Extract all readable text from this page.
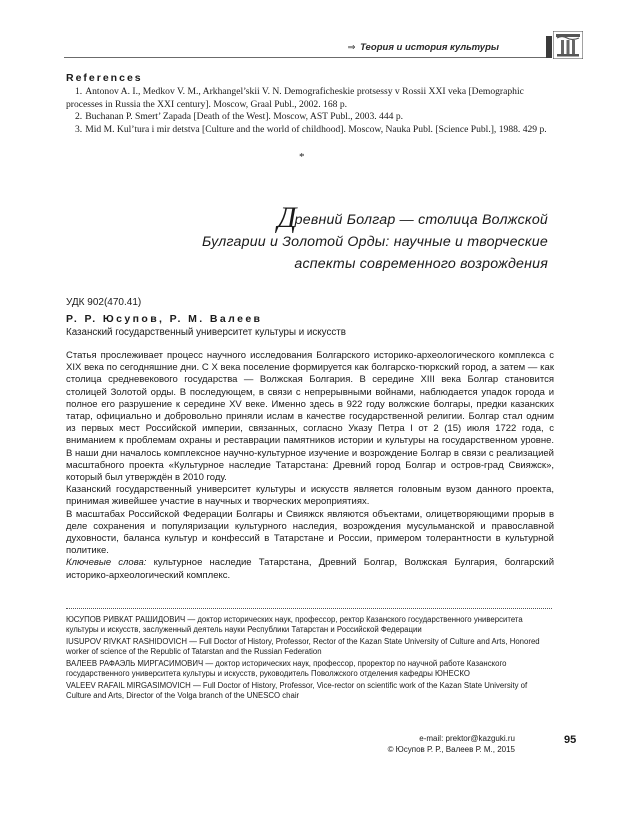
⇒ Теория и история культуры
References
1. Antonov A. I., Medkov V. M., Arkhangel’skii V. N. Demograficheskie protsessy v Rossii XXI veka [Demographic processes in Russia the XXI century]. Moscow, Graal Publ., 2002. 168 p.
2. Buchanan P. Smert’ Zapada [Death of the West]. Moscow, AST Publ., 2003. 444 p.
3. Mid M. Kul’tura i mir detstva [Culture and the world of childhood]. Moscow, Nauka Publ. [Science Publ.], 1988. 429 p.
*
Древний Болгар — столица Волжской
Булгарии и Золотой Орды: научные и творческие
аспекты современного возрождения
УДК 902(470.41)
Р. Р. Юсупов, Р. М. Валеев
Казанский государственный университет культуры и искусств

Статья прослеживает процесс научного исследования Болгарского историко-археологического комплекса с XIX века по сегодняшние дни. С X века поселение формируется как болгарско-тюркский город, а затем — как столица средневекового государства — Волжская Болгария. В середине XIII века Болгар становится столицей Золотой орды. В последующем, в связи с непрерывными войнами, наблюдается упадок города и полное его разрушение к середине XV веке. Именно здесь в 922 году волжские болгары, предки казанских татар, официально и добровольно приняли ислам в качестве государственной религии. Болгар стал одним из первых мест Российской империи, связанных, согласно Указу Петра I от 2 (15) июля 1722 года, с вниманием к проблемам охраны и реставрации памятников истории и культуры на государственном уровне. В наши дни началось комплексное научно-культурное изучение и возрождение Болгар в связи с реализацией масштабного проекта «Культурное наследие Татарстана: Древний город Болгар и остров-град Свияжск», который был утверждён в 2010 году.

Казанский государственный университет культуры и искусств является головным вузом данного проекта, принимая живейшее участие в научных и творческих мероприятиях.

В масштабах Российской Федерации Болгары и Свияжск являются объектами, олицетворяющими прорыв в деле сохранения и популяризации культурного наследия, возрождения мусульманской и православной духовности, баланса культур и конфессий в Татарстане и России, примером толерантности в культурной политике.

Ключевые слова: культурное наследие Татарстана, Древний Болгар, Волжская Булгария, болгарский историко-археологический комплекс.

ЮСУПОВ РИВКАТ РАШИДОВИЧ — доктор исторических наук, профессор, ректор Казанского государственного университета культуры и искусств, заслуженный деятель науки Республики Татарстан и Российской Федерации
IUSUPOV RIVKAT RASHIDOVICH — Full Doctor of History, Professor, Rector of the Kazan State University of Culture and Arts, Honored worker of science of the Republic of Tatarstan and the Russian Federation
ВАЛЕЕВ РАФАЭЛЬ МИРГАСИМОВИЧ — доктор исторических наук, профессор, проректор по научной работе Казанского государственного университета культуры и искусств, руководитель Поволжского отделения кафедры ЮНЕСКО
VALEEV RAFAIL MIRGASIMOVICH — Full Doctor of History, Professor, Vice-rector on scientific work of the Kazan State University of Culture and Arts, Director of the Volga branch of the UNESCO chair
e-mail: prektor@kazguki.ru
© Юсупов Р. Р., Валеев Р. М., 2015
95
